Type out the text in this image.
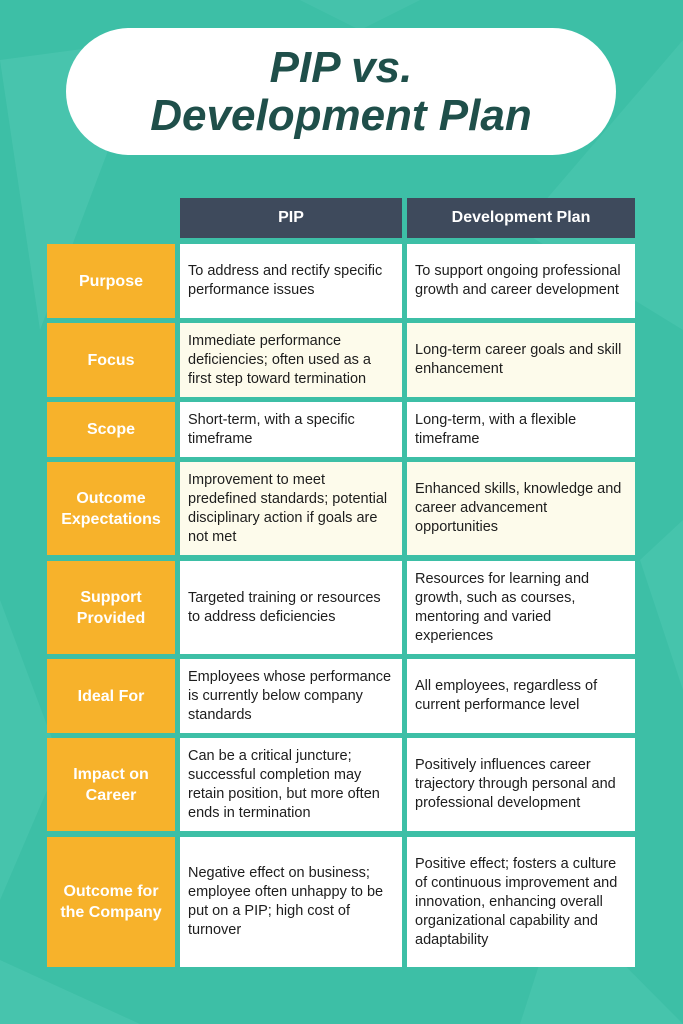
PIP vs.
Development Plan
PIP	Development Plan
Purpose
To address and rectify specific performance issues
To support ongoing professional growth and career development
Focus
Immediate performance deficiencies; often used as a first step toward termination
Long-term career goals and skill enhancement
Scope
Short-term, with a specific timeframe
Long-term, with a flexible timeframe
Outcome Expectations
Improvement to meet predefined standards; potential disciplinary action if goals are not met
Enhanced skills, knowledge and career advancement opportunities
Support Provided
Targeted training or resources to address deficiencies
Resources for learning and growth, such as courses, mentoring and varied experiences
Ideal For
Employees whose performance is currently below company standards
All employees, regardless of current performance level
Impact on Career
Can be a critical juncture; successful completion may retain position, but more often ends in termination
Positively influences career trajectory through personal and professional development
Outcome for the Company
Negative effect on business; employee often unhappy to be put on a PIP; high cost of turnover
Positive effect; fosters a culture of continuous improvement and innovation, enhancing overall organizational capability and adaptability
